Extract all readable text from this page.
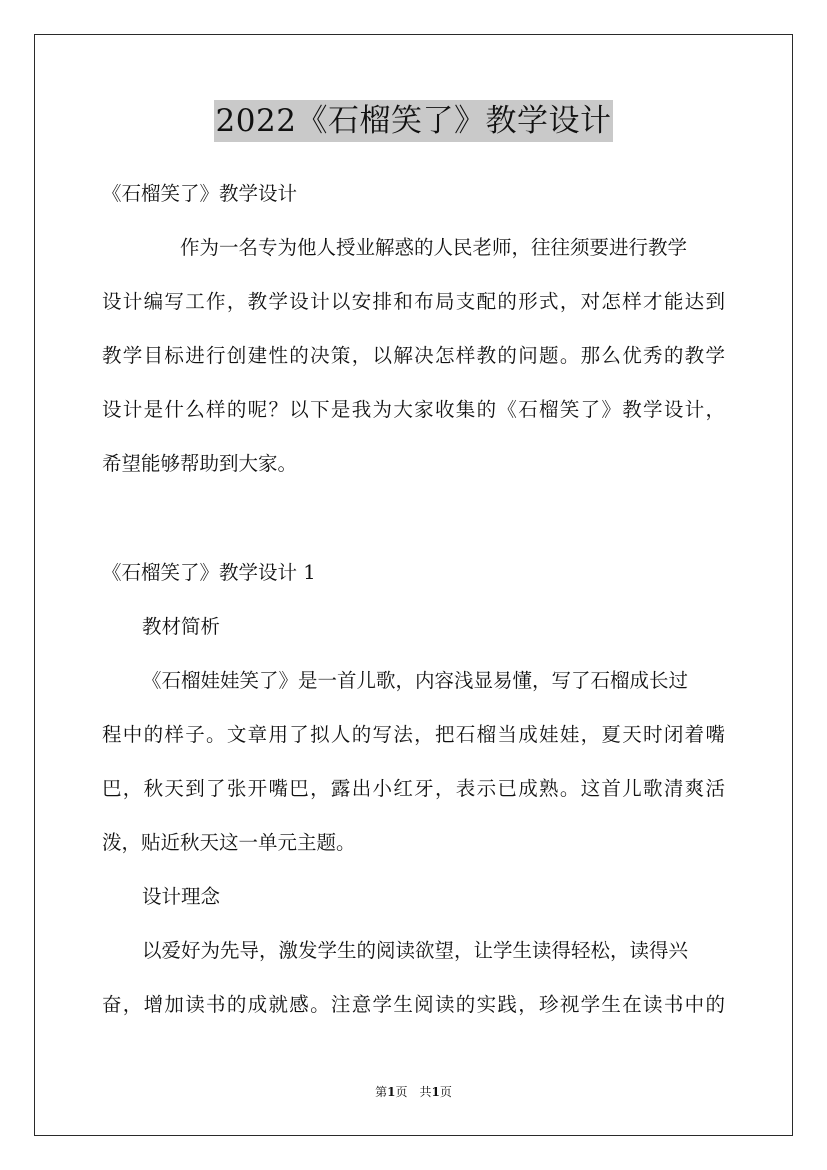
2022《石榴笑了》教学设计
《石榴笑了》教学设计
作为一名专为他人授业解惑的人民老师，往往须要进行教学
设计编写工作，教学设计以安排和布局支配的形式，对怎样才能达到
教学目标进行创建性的决策，以解决怎样教的问题。那么优秀的教学
设计是什么样的呢？以下是我为大家收集的《石榴笑了》教学设计，
希望能够帮助到大家。
《石榴笑了》教学设计 1
教材简析
《石榴娃娃笑了》是一首儿歌，内容浅显易懂，写了石榴成长过
程中的样子。文章用了拟人的写法，把石榴当成娃娃，夏天时闭着嘴
巴，秋天到了张开嘴巴，露出小红牙，表示已成熟。这首儿歌清爽活
泼，贴近秋天这一单元主题。
设计理念
以爱好为先导，激发学生的阅读欲望，让学生读得轻松，读得兴
奋，增加读书的成就感。注意学生阅读的实践，珍视学生在读书中的
第1页　共1页
